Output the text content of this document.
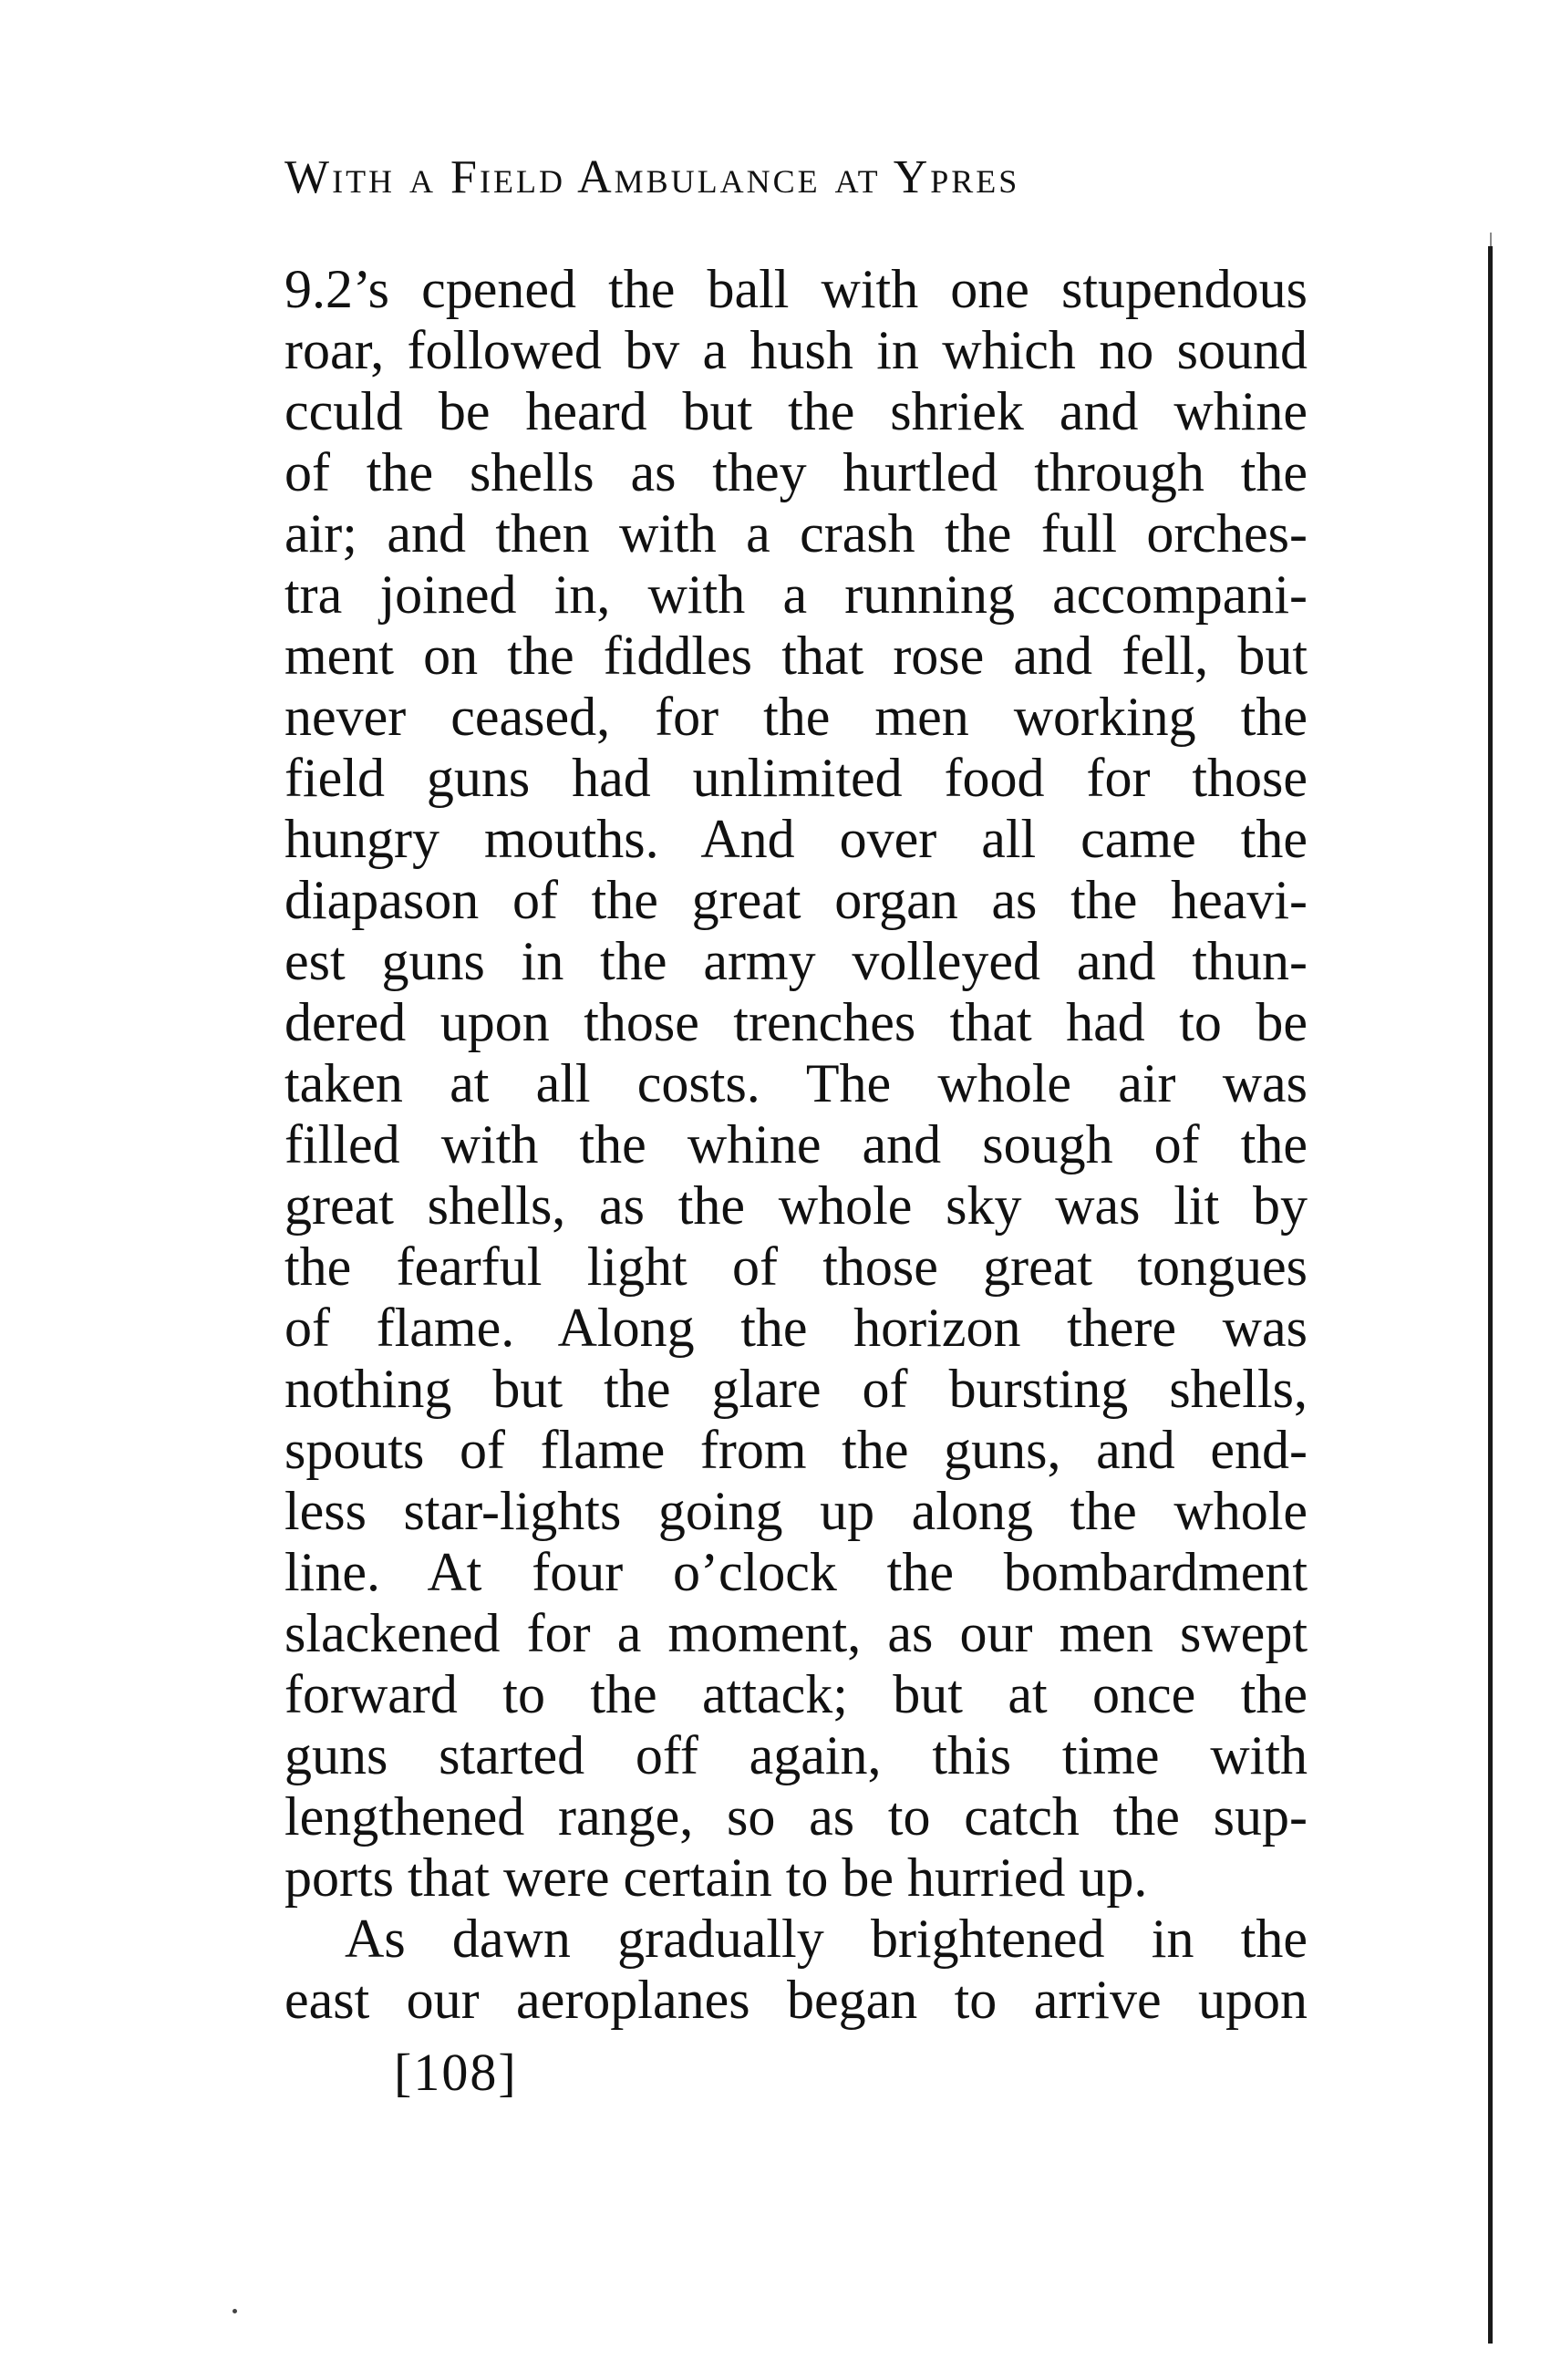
With a Field Ambulance at Ypres
9.2’s cpened the ball with one stupendous
roar, followed bv a hush in which no sound
cculd be heard but the shriek and whine
of the shells as they hurtled through the
air; and then with a crash the full orches-
tra joined in, with a running accompani-
ment on the fiddles that rose and fell, but
never ceased, for the men working the
field guns had unlimited food for those
hungry mouths. And over all came the
diapason of the great organ as the heavi-
est guns in the army volleyed and thun-
dered upon those trenches that had to be
taken at all costs. The whole air was
filled with the whine and sough of the
great shells, as the whole sky was lit by
the fearful light of those great tongues
of flame. Along the horizon there was
nothing but the glare of bursting shells,
spouts of flame from the guns, and end-
less star-lights going up along the whole
line. At four o’clock the bombardment
slackened for a moment, as our men swept
forward to the attack; but at once the
guns started off again, this time with
lengthened range, so as to catch the sup-
ports that were certain to be hurried up.
As dawn gradually brightened in the
east our aeroplanes began to arrive upon
[108]
